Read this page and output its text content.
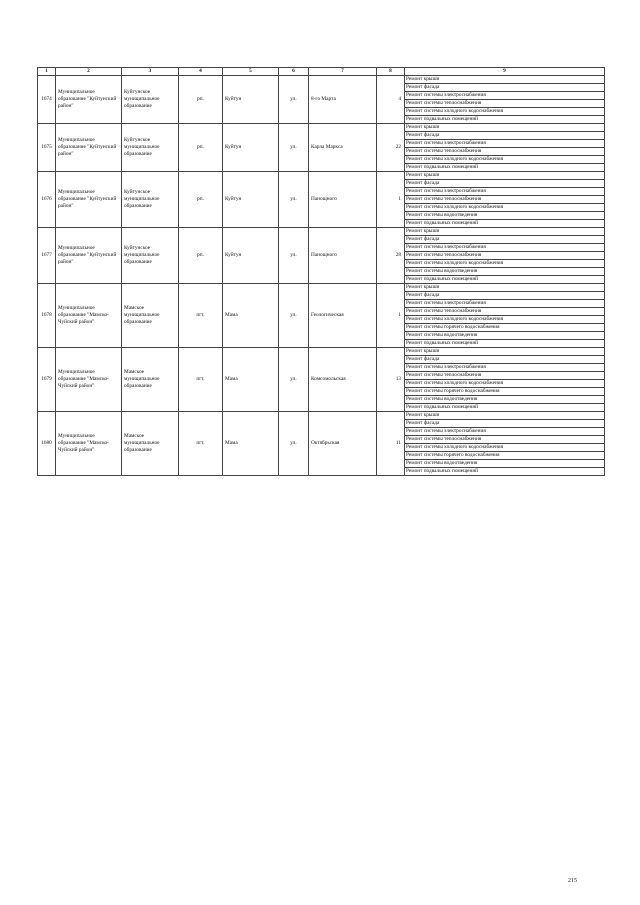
1	2	3	4	5	6	7	8	9
1674	Муниципальное образование "Куйтунский район"	Куйтунское муниципальное образование	рп.	Куйтун	ул.	8-го Марта	4	Ремонт крыши
								Ремонт фасада
								Ремонт системы электроснабжения
								Ремонт системы теплоснабжения
								Ремонт системы холодного водоснабжения
								Ремонт подвальных помещений
1675	Муниципальное образование "Куйтунский район"	Куйтунское муниципальное образование	рп.	Куйтун	ул.	Карла Маркса	22	Ремонт крыши
								Ремонт фасада
								Ремонт системы электроснабжения
								Ремонт системы теплоснабжения
								Ремонт системы холодного водоснабжения
								Ремонт подвальных помещений
1676	Муниципальное образование "Куйтунский район"	Куйтунское муниципальное образование	рп.	Куйтун	ул.	Панощного	1	Ремонт крыши
								Ремонт фасада
								Ремонт системы электроснабжения
								Ремонт системы теплоснабжения
								Ремонт системы холодного водоснабжения
								Ремонт системы водоотведения
								Ремонт подвальных помещений
1677	Муниципальное образование "Куйтунский район"	Куйтунское муниципальное образование	рп.	Куйтун	ул.	Панощного	28	Ремонт крыши
								Ремонт фасада
								Ремонт системы электроснабжения
								Ремонт системы теплоснабжения
								Ремонт системы холодного водоснабжения
								Ремонт системы водоотведения
								Ремонт подвальных помещений
1678	Муниципальное образование "Мамско-Чуйский район"	Мамское муниципальное образование	пгт.	Мама	ул.	Геологическая	1	Ремонт крыши
								Ремонт фасада
								Ремонт системы электроснабжения
								Ремонт системы теплоснабжения
								Ремонт системы холодного водоснабжения
								Ремонт системы горячего водоснабжения
								Ремонт системы водоотведения
								Ремонт подвальных помещений
1679	Муниципальное образование "Мамско-Чуйский район"	Мамское муниципальное образование	пгт.	Мама	ул.	Комсомольская	13	Ремонт крыши
								Ремонт фасада
								Ремонт системы электроснабжения
								Ремонт системы теплоснабжения
								Ремонт системы холодного водоснабжения
								Ремонт системы горячего водоснабжения
								Ремонт системы водоотведения
								Ремонт подвальных помещений
1680	Муниципальное образование "Мамско-Чуйский район"	Мамское муниципальное образование	пгт.	Мама	ул.	Октябрьская	11	Ремонт крыши
								Ремонт фасада
								Ремонт системы электроснабжения
								Ремонт системы теплоснабжения
								Ремонт системы холодного водоснабжения
								Ремонт системы горячего водоснабжения
								Ремонт системы водоотведения
								Ремонт подвальных помещений
215
